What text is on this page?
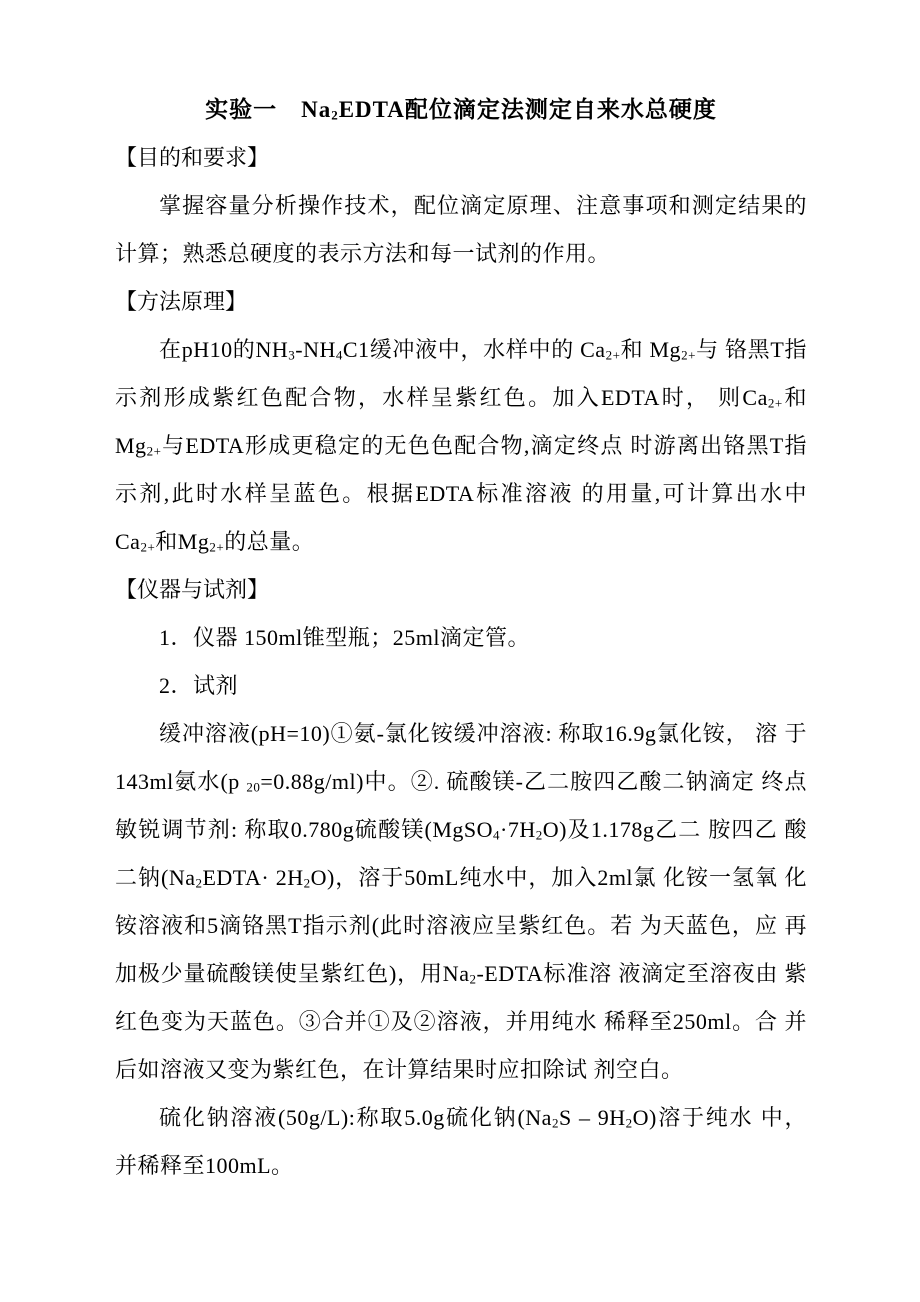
实验一　$Na_2EDTA$配位滴定法测定自来水总硬度
【目的和要求】

掌握容量分析操作技术，配位滴定原理、注意事项和测定结果的 计算；熟悉总硬度的表示方法和每一试剂的作用。

【方法原理】

在pH10的$NH_3-NH_4C1$缓冲液中，水样中的 $Ca_{2+}$和 $Mg_{2+}$与 铬黑T指示剂形成紫红色配合物，水样呈紫红色。加入EDTA时， 则$Ca_{2+}$和$Mg_{2+}$与EDTA形成更稳定的无色色配合物,滴定终点 时游离出铬黑T指示剂,此时水样呈蓝色。根据EDTA标准溶液 的用量,可计算出水中$Ca_{2+}$和$Mg_{2+}$的总量。

【仪器与试剂】

1．仪器 150ml锥型瓶；25ml滴定管。

2．试剂

缓冲溶液(pH=10)①氨-氯化铵缓冲溶液: 称取16.9g氯化铵， 溶 于143ml氨水(p $_{20}$=0.88g/ml)中。②. 硫酸镁-乙二胺四乙酸二钠滴定 终点 敏锐调节剂: 称取0.780g硫酸镁$(MgSO_4\cdot 7H_2O)$及1.178g乙二 胺四乙 酸二钠$(Na_2EDTA\cdot 2H_2O)$，溶于50mL纯水中，加入2ml氯 化铵一氢氧 化铵溶液和5滴铬黑T指示剂(此时溶液应呈紫红色。若 为天蓝色，应 再加极少量硫酸镁使呈紫红色)，用$Na_2$-EDTA标准溶 液滴定至溶夜由 紫红色变为天蓝色。③合并①及②溶液，并用纯水 稀释至250ml。合 并后如溶液又变为紫红色，在计算结果时应扣除试 剂空白。

硫化钠溶液(50g/L):称取5.0g硫化钠$(Na_2S - 9H_2O)$溶于纯水 中， 并稀释至100mL。
